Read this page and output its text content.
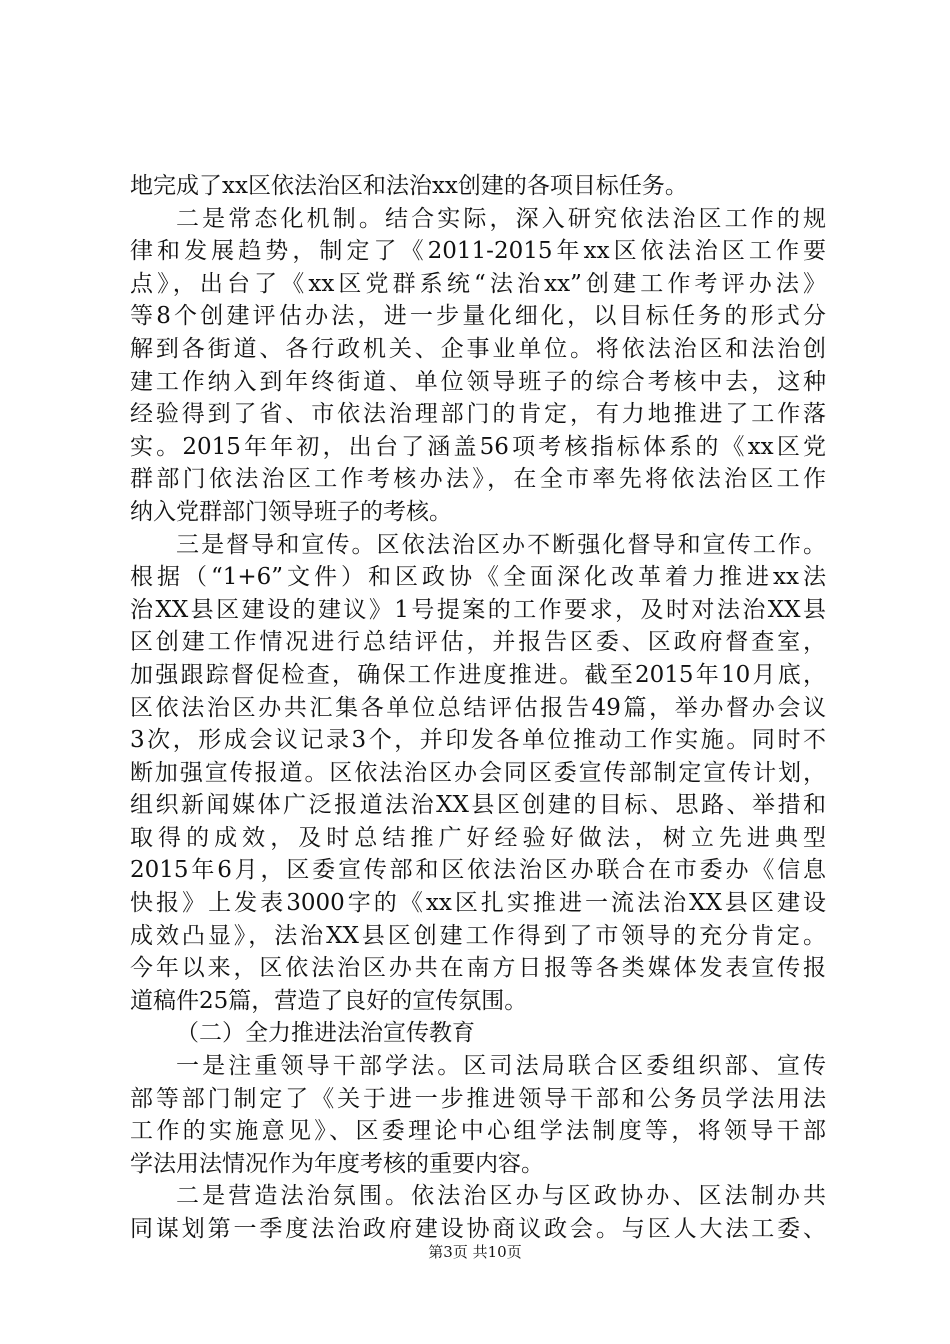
地完成了xx区依法治区和法治xx创建的各项目标任务。
二是常态化机制。结合实际，深入研究依法治区工作的规
律和发展趋势，制定了《2011-2015年xx区依法治区工作要
点》，出台了《xx区党群系统“法治xx”创建工作考评办法》
等8个创建评估办法，进一步量化细化，以目标任务的形式分
解到各街道、各行政机关、企事业单位。将依法治区和法治创
建工作纳入到年终街道、单位领导班子的综合考核中去，这种
经验得到了省、市依法治理部门的肯定，有力地推进了工作落
实。2015年年初，出台了涵盖56项考核指标体系的《xx区党
群部门依法治区工作考核办法》，在全市率先将依法治区工作
纳入党群部门领导班子的考核。
三是督导和宣传。区依法治区办不断强化督导和宣传工作。
根据（“1+6”文件）和区政协《全面深化改革着力推进xx法
治XX县区建设的建议》1号提案的工作要求，及时对法治XX县
区创建工作情况进行总结评估，并报告区委、区政府督查室，
加强跟踪督促检查，确保工作进度推进。截至2015年10月底，
区依法治区办共汇集各单位总结评估报告49篇，举办督办会议
3次，形成会议记录3个，并印发各单位推动工作实施。同时不
断加强宣传报道。区依法治区办会同区委宣传部制定宣传计划，
组织新闻媒体广泛报道法治XX县区创建的目标、思路、举措和
取得的成效，及时总结推广好经验好做法，树立先进典型
2015年6月，区委宣传部和区依法治区办联合在市委办《信息
快报》上发表3000字的《xx区扎实推进一流法治XX县区建设
成效凸显》，法治XX县区创建工作得到了市领导的充分肯定。
今年以来，区依法治区办共在南方日报等各类媒体发表宣传报
道稿件25篇，营造了良好的宣传氛围。
（二）全力推进法治宣传教育
一是注重领导干部学法。区司法局联合区委组织部、宣传
部等部门制定了《关于进一步推进领导干部和公务员学法用法
工作的实施意见》、区委理论中心组学法制度等，将领导干部
学法用法情况作为年度考核的重要内容。
二是营造法治氛围。依法治区办与区政协办、区法制办共
同谋划第一季度法治政府建设协商议政会。与区人大法工委、
第3页 共10页
